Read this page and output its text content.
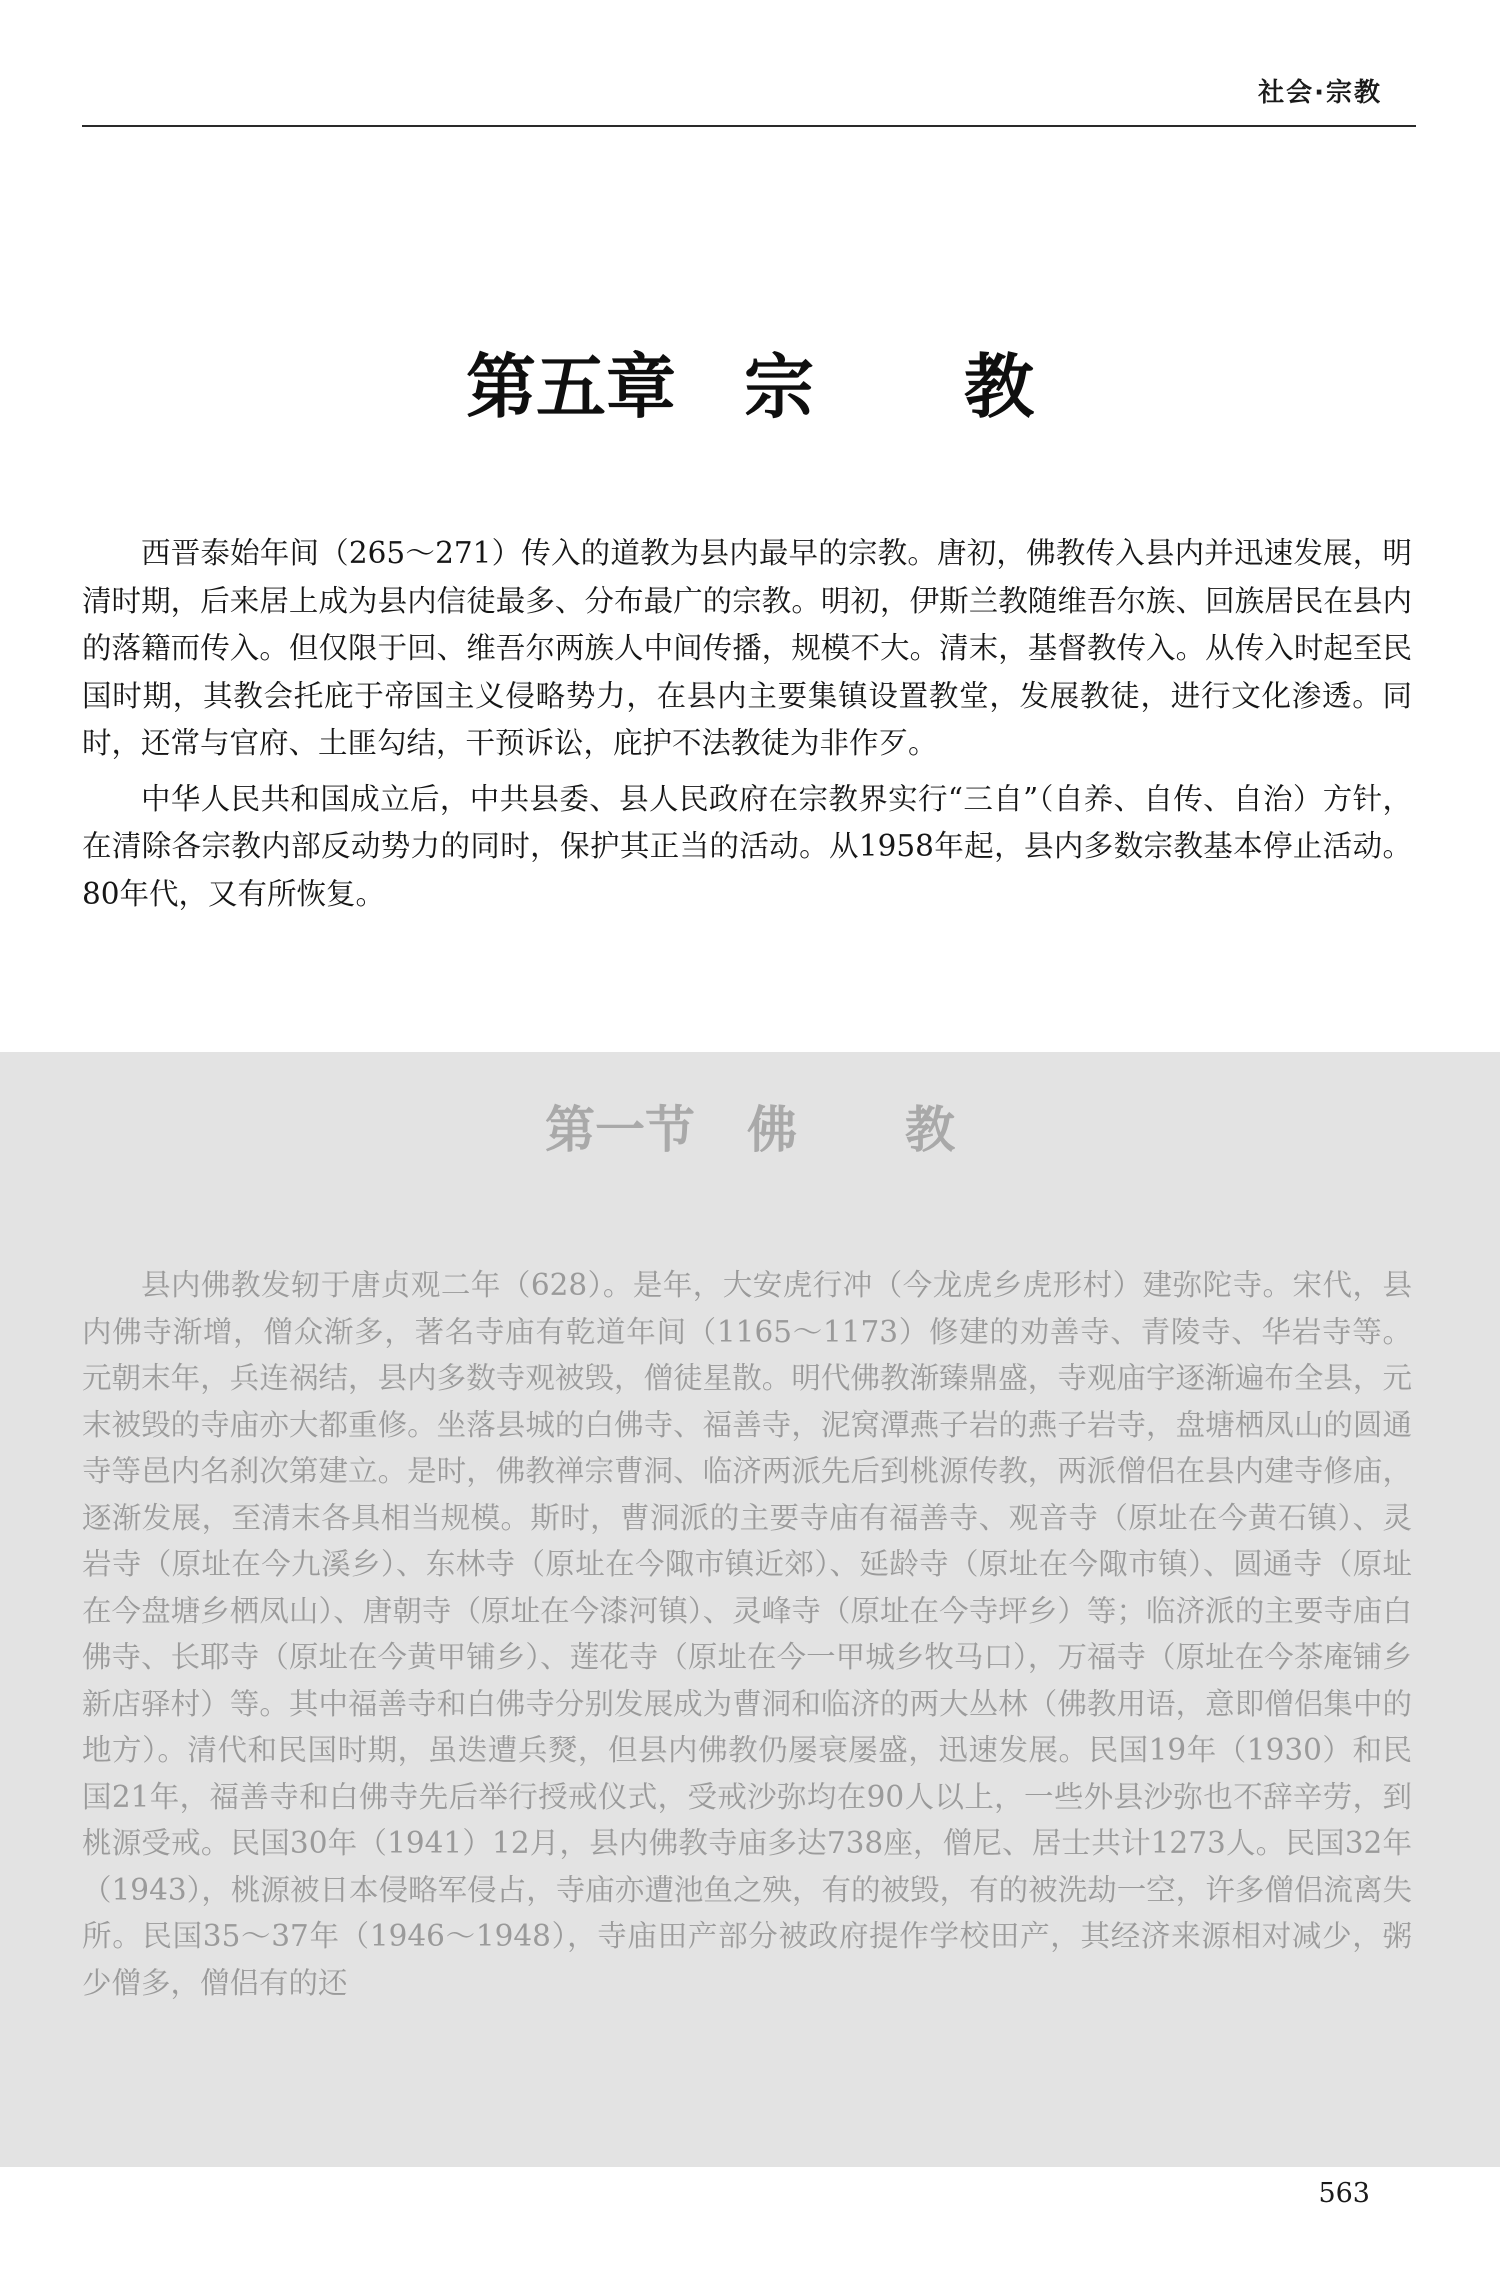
社会·宗教
第五章 宗 教

西晋泰始年间（265～271）传入的道教为县内最早的宗教。唐初，佛教传入县内并迅速发展，明清时期，后来居上成为县内信徒最多、分布最广的宗教。明初，伊斯兰教随维吾尔族、回族居民在县内的落籍而传入。但仅限于回、维吾尔两族人中间传播，规模不大。清末，基督教传入。从传入时起至民国时期，其教会托庇于帝国主义侵略势力，在县内主要集镇设置教堂，发展教徒，进行文化渗透。同时，还常与官府、土匪勾结，干预诉讼，庇护不法教徒为非作歹。

中华人民共和国成立后，中共县委、县人民政府在宗教界实行“三自”（自养、自传、自治）方针，在清除各宗教内部反动势力的同时，保护其正当的活动。从1958年起，县内多数宗教基本停止活动。80年代，又有所恢复。

第一节 佛 教

县内佛教发轫于唐贞观二年（628）。是年，大安虎行冲（今龙虎乡虎形村）建弥陀寺。宋代，县内佛寺渐增，僧众渐多，著名寺庙有乾道年间（1165～1173）修建的劝善寺、青陵寺、华岩寺等。元朝末年，兵连祸结，县内多数寺观被毁，僧徒星散。明代佛教渐臻鼎盛，寺观庙宇逐渐遍布全县，元末被毁的寺庙亦大都重修。坐落县城的白佛寺、福善寺，泥窝潭燕子岩的燕子岩寺，盘塘栖凤山的圆通寺等邑内名刹次第建立。是时，佛教禅宗曹洞、临济两派先后到桃源传教，两派僧侣在县内建寺修庙，逐渐发展，至清末各具相当规模。斯时，曹洞派的主要寺庙有福善寺、观音寺（原址在今黄石镇）、灵岩寺（原址在今九溪乡）、东林寺（原址在今陬市镇近郊）、延龄寺（原址在今陬市镇）、圆通寺（原址在今盘塘乡栖凤山）、唐朝寺（原址在今漆河镇）、灵峰寺（原址在今寺坪乡）等；临济派的主要寺庙白佛寺、长耶寺（原址在今黄甲铺乡）、莲花寺（原址在今一甲城乡牧马口），万福寺（原址在今茶庵铺乡新店驿村）等。其中福善寺和白佛寺分别发展成为曹洞和临济的两大丛林（佛教用语，意即僧侣集中的地方）。清代和民国时期，虽迭遭兵燹，但县内佛教仍屡衰屡盛，迅速发展。民国19年（1930）和民国21年，福善寺和白佛寺先后举行授戒仪式，受戒沙弥均在90人以上，一些外县沙弥也不辞辛劳，到桃源受戒。民国30年（1941）12月，县内佛教寺庙多达738座，僧尼、居士共计1273人。民国32年（1943），桃源被日本侵略军侵占，寺庙亦遭池鱼之殃，有的被毁，有的被洗劫一空，许多僧侣流离失所。民国35～37年（1946～1948），寺庙田产部分被政府提作学校田产，其经济来源相对减少，粥少僧多，僧侣有的还

563
